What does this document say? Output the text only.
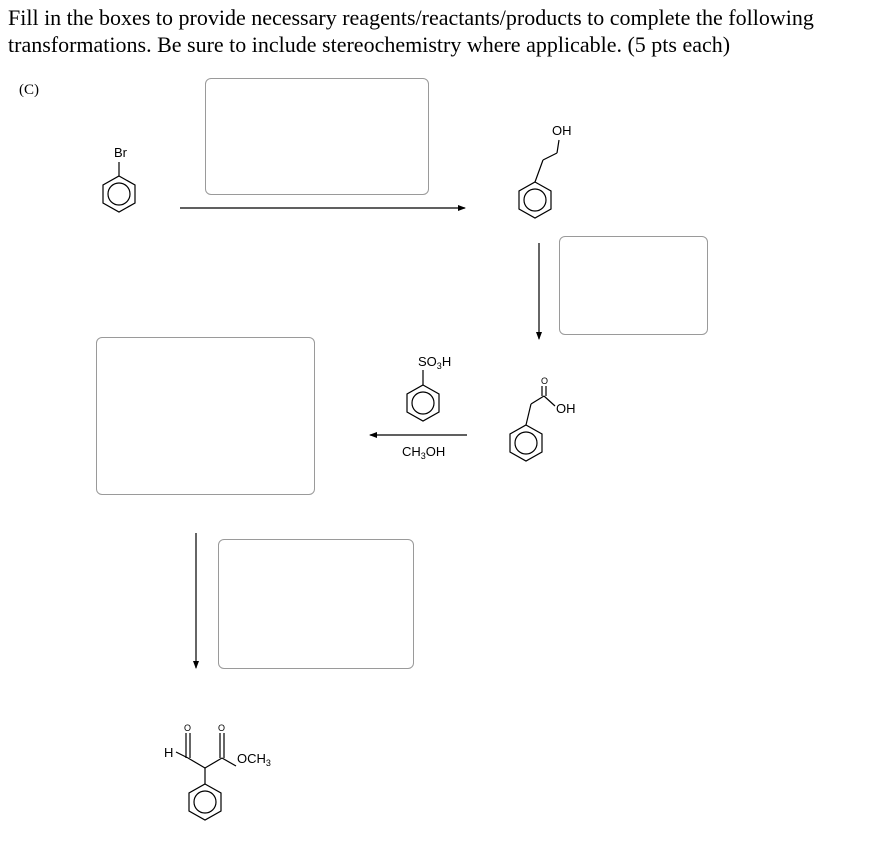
Fill in the boxes to provide necessary reagents/reactants/products to complete the following
transformations. Be sure to include stereochemistry where applicable. (5 pts each)
(C)
Br
OH
O
OH
$SO_3H$
$CH_3OH$
O
H
O
$OCH_3$
